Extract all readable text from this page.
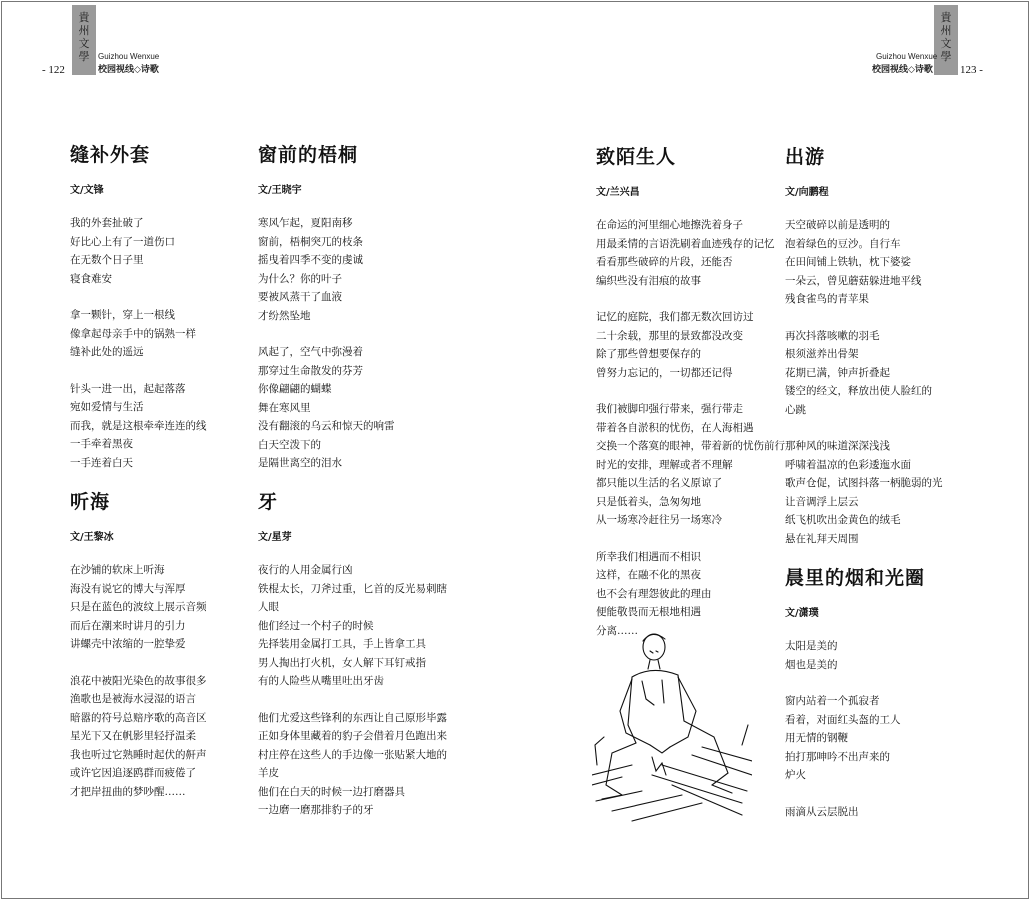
貴
州
文
學
- 122
Guizhou Wenxue
校园视线◇诗歌
貴
州
文
學
123 -
Guizhou Wenxue
校园视线◇诗歌
缝补外套
文/文锋
我的外套扯破了
好比心上有了一道伤口
在无数个日子里
寝食难安
拿一颗针，穿上一根线
像拿起母亲手中的锅熟一样
缝补此处的遥远
针头一进一出，起起落落
宛如爱情与生活
而我，就是这根牵牵连连的线
一手牵着黑夜
一手连着白天
窗前的梧桐
文/王晓宇
寒风乍起，夏阳南移
窗前，梧桐突兀的枝条
摇曳着四季不变的虔诚
为什么？你的叶子
要被风蒸干了血液
才纷然坠地
风起了，空气中弥漫着
那穿过生命散发的芬芳
你像翩翩的蝴蝶
舞在寒风里
没有翻滚的乌云和惊天的响雷
白天空泼下的
是隔世离空的泪水
听海
文/王黎冰
在沙铺的软床上听海
海没有说它的博大与浑厚
只是在蓝色的波纹上展示音频
而后在潮来时讲月的引力
讲螺壳中浓缩的一腔挚爱
浪花中被阳光染色的故事很多
渔歌也是被海水浸湿的语言
暗嚣的符号总赔序歌的高音区
星光下又在帆影里轻抒温柔
我也听过它熟睡时起伏的鼾声
或许它因追逐鸥群而疲倦了
才把岸扭曲的梦吵醒……
牙
文/星芽
夜行的人用金属行凶
铁棍太长，刀斧过重，匕首的反光易刺瞎
人眼
他们经过一个村子的时候
先择装用金属打工具，手上皆拿工具
男人掏出打火机，女人解下耳钉戒指
有的人险些从嘴里吐出牙齿
他们尤爱这些锋利的东西让自己原形毕露
正如身体里藏着的豹子会借着月色跑出来
村庄停在这些人的手边像一张贴紧大地的
羊皮
他们在白天的时候一边打磨器具
一边磨一磨那排豹子的牙
致陌生人
文/兰兴昌
在命运的河里细心地擦洗着身子
用最柔情的言语洗刷着血迹残存的记忆
看看那些破碎的片段，还能否
编织些没有泪痕的故事
记忆的庭院，我们都无数次回访过
二十余载，那里的景致都没改变
除了那些曾想要保存的
曾努力忘记的，一切都还记得
我们被脚印强行带来，强行带走
带着各自淤积的忧伤，在人海相遇
交换一个落寞的眼神，带着新的忧伤前行
时光的安排，理解或者不理解
都只能以生活的名义原谅了
只是低着头，急匆匆地
从一场寒冷赶往另一场寒冷
所幸我们相遇而不相识
这样，在融不化的黑夜
也不会有理怨彼此的理由
便能敬畏而无根地相遇
分离……
出游
文/向鹏程
天空破碎以前是透明的
泡着绿色的豆沙。自行车
在田间铺上铁轨，枕下婆娑
一朵云，曾见蘑菇躲进地平线
残食雀鸟的青苹果
再次抖落咳嗽的羽毛
根须滋养出骨架
花期已满，钟声折叠起
镂空的经文，释放出使人脸红的
心跳
那种风的味道深深浅浅
呼啸着温凉的色彩逶迤水面
歌声仓促，试图抖落一柄脆弱的光
让音调浮上层云
纸飞机吹出金黄色的绒毛
悬在礼拜天周围
晨里的烟和光圈
文/潇璞
太阳是美的
烟也是美的
窗内站着一个孤寂者
看着，对面红头盔的工人
用无情的钢鞭
拍打那呻吟不出声来的
炉火
雨滴从云层脱出
